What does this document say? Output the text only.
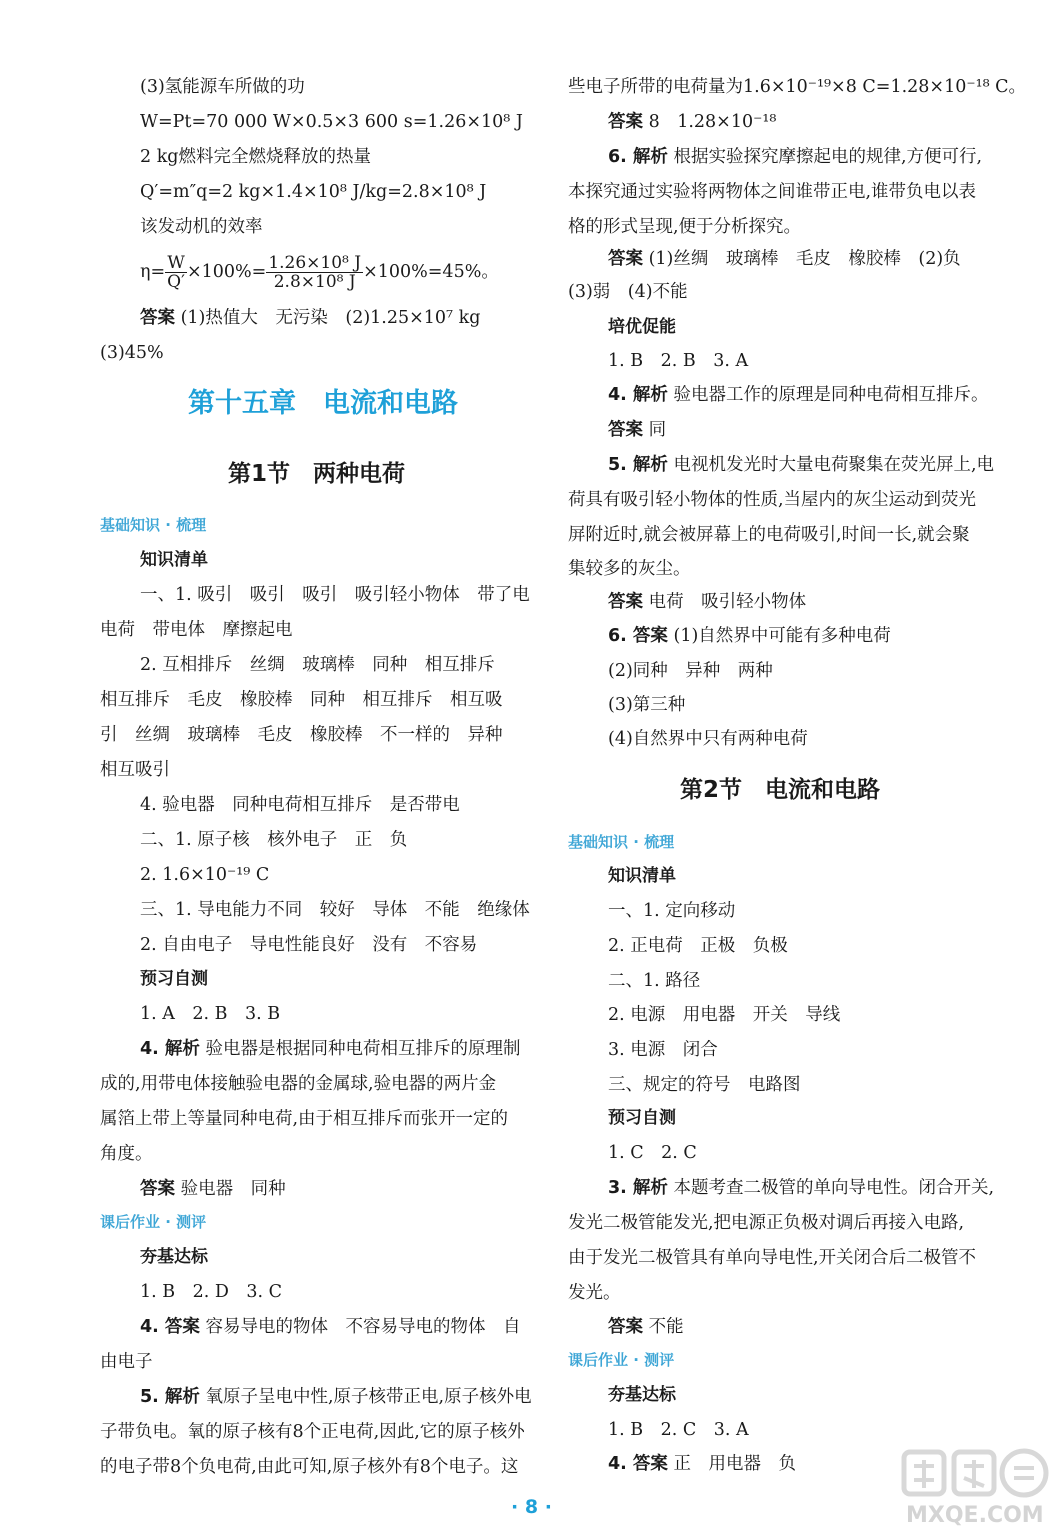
(3)氢能源车所做的功
W=Pt=70 000 W×0.5×3 600 s=1.26×10⁸ J
2 kg燃料完全燃烧释放的热量
Q′=m″q=2 kg×1.4×10⁸ J/kg=2.8×10⁸ J
该发动机的效率
$\eta= \frac{W}{Q'} \times 100\%= \frac{\text{1.26×10⁸ J}}{\text{2.8×10⁸ J}} \times 100\%=45\%$。
答案 (1)热值大　无污染　(2)1.25×10⁷ kg
(3)45%
第十五章　电流和电路
第1节　两种电荷
基础知识 · 梳理
知识清单
一、1. 吸引　吸引　吸引　吸引轻小物体　带了电
电荷　带电体　摩擦起电
2. 互相排斥　丝绸　玻璃棒　同种　相互排斥
相互排斥　毛皮　橡胶棒　同种　相互排斥　相互吸
引　丝绸　玻璃棒　毛皮　橡胶棒　不一样的　异种
相互吸引
4. 验电器　同种电荷相互排斥　是否带电
二、1. 原子核　核外电子　正　负
2. 1.6×10⁻¹⁹ C
三、1. 导电能力不同　较好　导体　不能　绝缘体
2. 自由电子　导电性能良好　没有　不容易
预习自测
1. A　2. B　3. B
4. 解析 验电器是根据同种电荷相互排斥的原理制
成的,用带电体接触验电器的金属球,验电器的两片金
属箔上带上等量同种电荷,由于相互排斥而张开一定的
角度。
答案 验电器　同种
课后作业 · 测评
夯基达标
1. B　2. D　3. C
4. 答案 容易导电的物体　不容易导电的物体　自
由电子
5. 解析 氧原子呈电中性,原子核带正电,原子核外电
子带负电。氧的原子核有8个正电荷,因此,它的原子核外
的电子带8个负电荷,由此可知,原子核外有8个电子。这
些电子所带的电荷量为1.6×10⁻¹⁹×8 C=1.28×10⁻¹⁸ C。
答案 8　1.28×10⁻¹⁸
6. 解析 根据实验探究摩擦起电的规律,方便可行,
本探究通过实验将两物体之间谁带正电,谁带负电以表
格的形式呈现,便于分析探究。
答案 (1)丝绸　玻璃棒　毛皮　橡胶棒　(2)负
(3)弱　(4)不能
培优促能
1. B　2. B　3. A
4. 解析 验电器工作的原理是同种电荷相互排斥。
答案 同
5. 解析 电视机发光时大量电荷聚集在荧光屏上,电
荷具有吸引轻小物体的性质,当屋内的灰尘运动到荧光
屏附近时,就会被屏幕上的电荷吸引,时间一长,就会聚
集较多的灰尘。
答案 电荷　吸引轻小物体
6. 答案 (1)自然界中可能有多种电荷
(2)同种　异种　两种
(3)第三种
(4)自然界中只有两种电荷
第2节　电流和电路
基础知识 · 梳理
知识清单
一、1. 定向移动
2. 正电荷　正极　负极
二、1. 路径
2. 电源　用电器　开关　导线
3. 电源　闭合
三、规定的符号　电路图
预习自测
1. C　2. C
3. 解析 本题考查二极管的单向导电性。闭合开关,
发光二极管能发光,把电源正负极对调后再接入电路,
由于发光二极管具有单向导电性,开关闭合后二极管不
发光。
答案 不能
课后作业 · 测评
夯基达标
1. B　2. C　3. A
4. 答案 正　用电器　负
· 8 ·	MXQE.COM
